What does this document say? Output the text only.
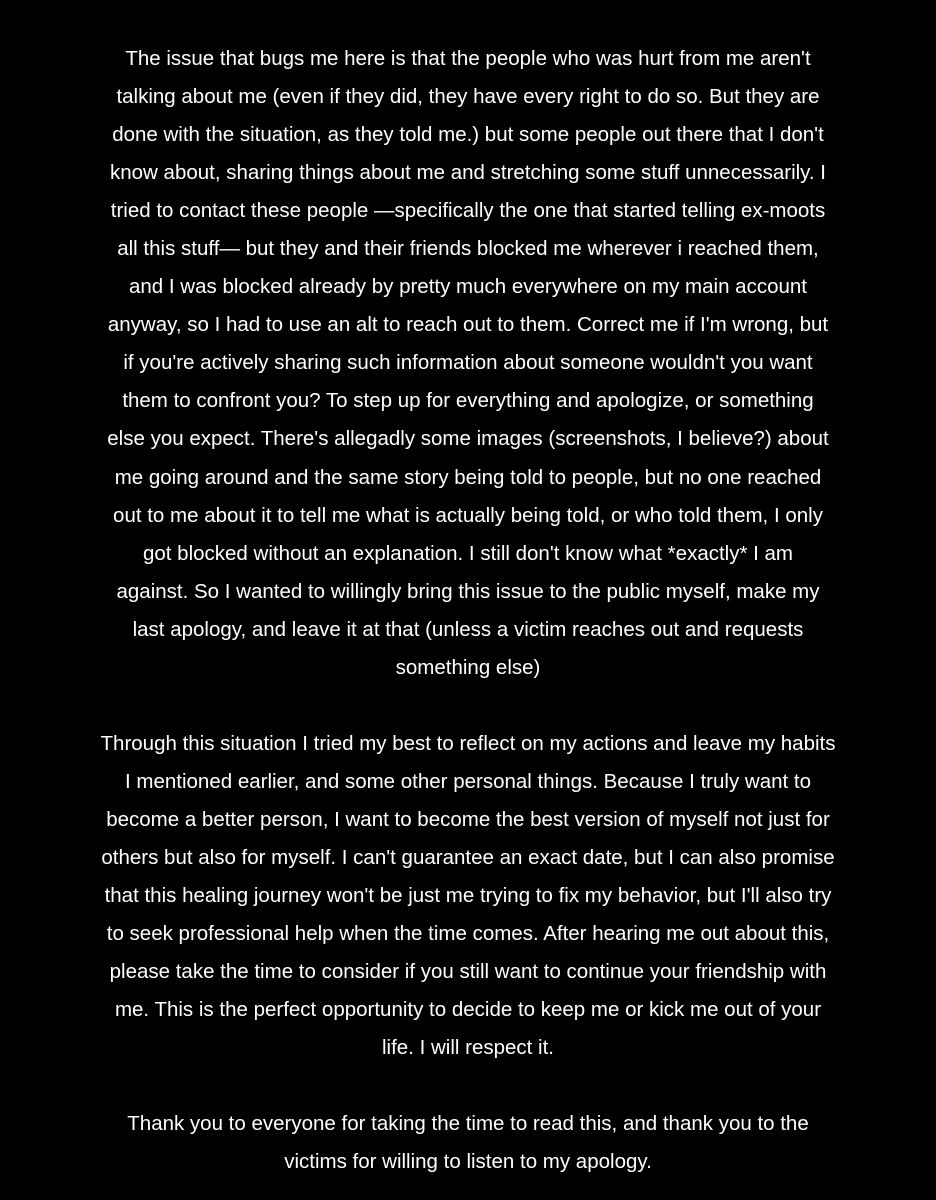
The issue that bugs me here is that the people who was hurt from me aren't
talking about me (even if they did, they have every right to do so. But they are
done with the situation, as they told me.) but some people out there that I don't
know about, sharing things about me and stretching some stuff unnecessarily. I
tried to contact these people —specifically the one that started telling ex-moots
all this stuff— but they and their friends blocked me wherever i reached them,
and I was blocked already by pretty much everywhere on my main account
anyway, so I had to use an alt to reach out to them. Correct me if I'm wrong, but
if you're actively sharing such information about someone wouldn't you want
them to confront you? To step up for everything and apologize, or something
else you expect. There's allegadly some images (screenshots, I believe?) about
me going around and the same story being told to people, but no one reached
out to me about it to tell me what is actually being told, or who told them, I only
got blocked without an explanation. I still don't know what *exactly* I am
against. So I wanted to willingly bring this issue to the public myself, make my
last apology, and leave it at that (unless a victim reaches out and requests
something else)
Through this situation I tried my best to reflect on my actions and leave my habits
I mentioned earlier, and some other personal things. Because I truly want to
become a better person, I want to become the best version of myself not just for
others but also for myself. I can't guarantee an exact date, but I can also promise
that this healing journey won't be just me trying to fix my behavior, but I'll also try
to seek professional help when the time comes. After hearing me out about this,
please take the time to consider if you still want to continue your friendship with
me. This is the perfect opportunity to decide to keep me or kick me out of your
life. I will respect it.
Thank you to everyone for taking the time to read this, and thank you to the
victims for willing to listen to my apology.
